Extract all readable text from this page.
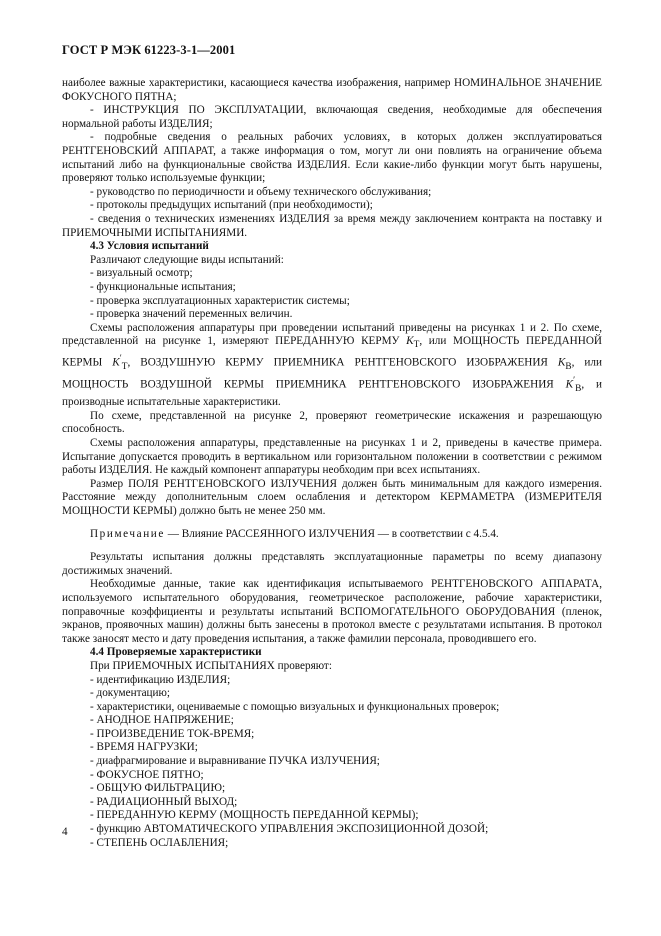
ГОСТ Р МЭК 61223-3-1—2001

наиболее важные характеристики, касающиеся качества изображения, например НОМИНАЛЬНОЕ ЗНАЧЕНИЕ ФОКУСНОГО ПЯТНА;

- ИНСТРУКЦИЯ ПО ЭКСПЛУАТАЦИИ, включающая сведения, необходимые для обеспечения нормальной работы ИЗДЕЛИЯ;

- подробные сведения о реальных рабочих условиях, в которых должен эксплуатироваться РЕНТГЕНОВСКИЙ АППАРАТ, а также информация о том, могут ли они повлиять на ограничение объема испытаний либо на функциональные свойства ИЗДЕЛИЯ. Если какие-либо функции могут быть нарушены, проверяют только используемые функции;

- руководство по периодичности и объему технического обслуживания;

- протоколы предыдущих испытаний (при необходимости);

- сведения о технических изменениях ИЗДЕЛИЯ за время между заключением контракта на поставку и ПРИЕМОЧНЫМИ ИСПЫТАНИЯМИ.

4.3 Условия испытаний

Различают следующие виды испытаний:

- визуальный осмотр;

- функциональные испытания;

- проверка эксплуатационных характеристик системы;

- проверка значений переменных величин.

Схемы расположения аппаратуры при проведении испытаний приведены на рисунках 1 и 2. По схеме, представленной на рисунке 1, измеряют ПЕРЕДАННУЮ КЕРМУ $K_T$, или МОЩНОСТЬ ПЕРЕДАННОЙ КЕРМЫ $K'_T$, ВОЗДУШНУЮ КЕРМУ ПРИЕМНИКА РЕНТГЕНОВСКОГО ИЗОБРАЖЕНИЯ $K_B$, или МОЩНОСТЬ ВОЗДУШНОЙ КЕРМЫ ПРИЕМНИКА РЕНТГЕНОВСКОГО ИЗОБРАЖЕНИЯ $K'_B$, и производные испытательные характеристики.

По схеме, представленной на рисунке 2, проверяют геометрические искажения и разрешающую способность.

Схемы расположения аппаратуры, представленные на рисунках 1 и 2, приведены в качестве примера. Испытание допускается проводить в вертикальном или горизонтальном положении в соответствии с режимом работы ИЗДЕЛИЯ. Не каждый компонент аппаратуры необходим при всех испытаниях.

Размер ПОЛЯ РЕНТГЕНОВСКОГО ИЗЛУЧЕНИЯ должен быть минимальным для каждого измерения. Расстояние между дополнительным слоем ослабления и детектором КЕРМАМЕТРА (ИЗМЕРИТЕЛЯ МОЩНОСТИ КЕРМЫ) должно быть не менее 250 мм.

Примечание — Влияние РАССЕЯННОГО ИЗЛУЧЕНИЯ — в соответствии с 4.5.4.

Результаты испытания должны представлять эксплуатационные параметры по всему диапазону достижимых значений.

Необходимые данные, такие как идентификация испытываемого РЕНТГЕНОВСКОГО АППАРАТА, используемого испытательного оборудования, геометрическое расположение, рабочие характеристики, поправочные коэффициенты и результаты испытаний ВСПОМОГАТЕЛЬНОГО ОБОРУДОВАНИЯ (пленок, экранов, проявочных машин) должны быть занесены в протокол вместе с результатами испытания. В протокол также заносят место и дату проведения испытания, а также фамилии персонала, проводившего его.

4.4 Проверяемые характеристики

При ПРИЕМОЧНЫХ ИСПЫТАНИЯХ проверяют:

- идентификацию ИЗДЕЛИЯ;

- документацию;

- характеристики, оцениваемые с помощью визуальных и функциональных проверок;

- АНОДНОЕ НАПРЯЖЕНИЕ;

- ПРОИЗВЕДЕНИЕ ТОК-ВРЕМЯ;

- ВРЕМЯ НАГРУЗКИ;

- диафрагмирование и выравнивание ПУЧКА ИЗЛУЧЕНИЯ;

- ФОКУСНОЕ ПЯТНО;

- ОБЩУЮ ФИЛЬТРАЦИЮ;

- РАДИАЦИОННЫЙ ВЫХОД;

- ПЕРЕДАННУЮ КЕРМУ (МОЩНОСТЬ ПЕРЕДАННОЙ КЕРМЫ);

- функцию АВТОМАТИЧЕСКОГО УПРАВЛЕНИЯ ЭКСПОЗИЦИОННОЙ ДОЗОЙ;

- СТЕПЕНЬ ОСЛАБЛЕНИЯ;

4
